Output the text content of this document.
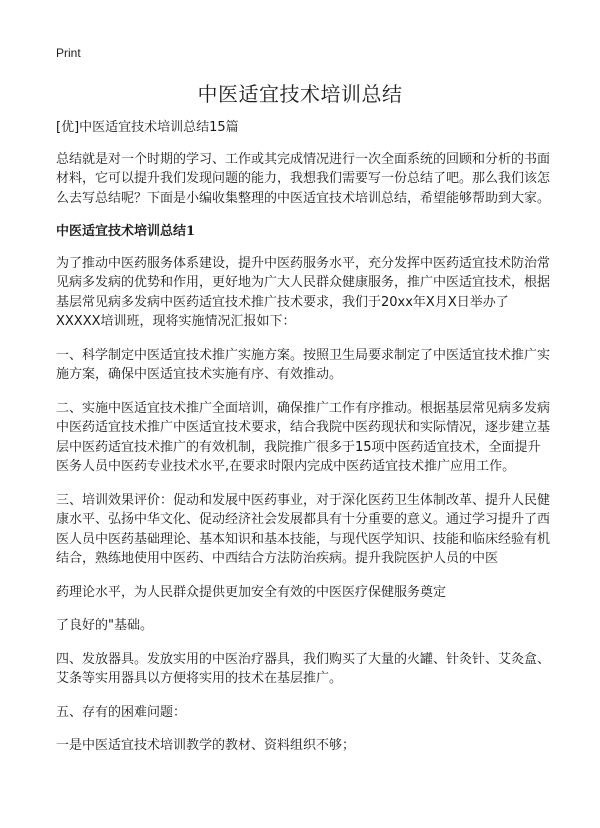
Print
中医适宜技术培训总结

[优]中医适宜技术培训总结15篇

总结就是对一个时期的学习、工作或其完成情况进行一次全面系统的回顾和分析的书面材料，它可以提升我们发现问题的能力，我想我们需要写一份总结了吧。那么我们该怎么去写总结呢？下面是小编收集整理的中医适宜技术培训总结，希望能够帮助到大家。

中医适宜技术培训总结1

为了推动中医药服务体系建设，提升中医药服务水平，充分发挥中医药适宜技术防治常见病多发病的优势和作用，更好地为广大人民群众健康服务，推广中医适宜技术，根据基层常见病多发病中医药适宜技术推广技术要求，我们于20xx年X月X日举办了XXXXX培训班，现将实施情况汇报如下：

一、科学制定中医适宜技术推广实施方案。按照卫生局要求制定了中医适宜技术推广实施方案，确保中医适宜技术实施有序、有效推动。

二、实施中医适宜技术推广全面培训，确保推广工作有序推动。根据基层常见病多发病中医药适宜技术推广中医适宜技术要求，结合我院中医药现状和实际情况，逐步建立基层中医药适宜技术推广的有效机制，我院推广很多于15项中医药适宜技术，全面提升医务人员中医药专业技术水平,在要求时限内完成中医药适宜技术推广应用工作。

三、培训效果评价：促动和发展中医药事业，对于深化医药卫生体制改革、提升人民健康水平、弘扬中华文化、促动经济社会发展都具有十分重要的意义。通过学习提升了西医人员中医药基础理论、基本知识和基本技能，与现代医学知识、技能和临床经验有机结合，熟练地使用中医药、中西结合方法防治疾病。提升我院医护人员的中医

药理论水平，为人民群众提供更加安全有效的中医医疗保健服务奠定

了良好的"基础。

四、发放器具。发放实用的中医治疗器具，我们购买了大量的火罐、针灸针、艾灸盒、艾条等实用器具以方便将实用的技术在基层推广。

五、存有的困难问题：

一是中医适宜技术培训教学的教材、资料组织不够；
